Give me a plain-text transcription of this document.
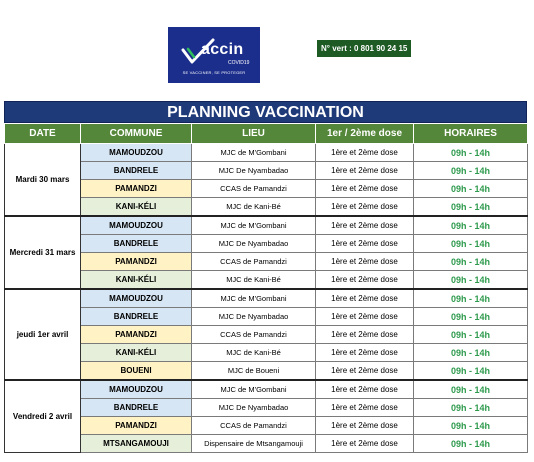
accin
COVID19
SE VACCINER, SE PROTEGER
N° vert : 0 801 90 24 15
PLANNING VACCINATION
DATE	COMMUNE	LIEU	1er / 2ème dose	HORAIRES
Mardi 30 mars	MAMOUDZOU	MJC de M'Gombani	1ère et 2ème dose	09h - 14h
	BANDRELE	MJC De Nyambadao	1ère et 2ème dose	09h - 14h
	PAMANDZI	CCAS de Pamandzi	1ère et 2ème dose	09h - 14h
	KANI-KÉLI	MJC de Kani-Bé	1ère et 2ème dose	09h - 14h
Mercredi 31 mars	MAMOUDZOU	MJC de M'Gombani	1ère et 2ème dose	09h - 14h
	BANDRELE	MJC De Nyambadao	1ère et 2ème dose	09h - 14h
	PAMANDZI	CCAS de Pamandzi	1ère et 2ème dose	09h - 14h
	KANI-KÉLI	MJC de Kani-Bé	1ère et 2ème dose	09h - 14h
jeudi 1er avril	MAMOUDZOU	MJC de M'Gombani	1ère et 2ème dose	09h - 14h
	BANDRELE	MJC De Nyambadao	1ère et 2ème dose	09h - 14h
	PAMANDZI	CCAS de Pamandzi	1ère et 2ème dose	09h - 14h
	KANI-KÉLI	MJC de Kani-Bé	1ère et 2ème dose	09h - 14h
	BOUENI	MJC de Boueni	1ère et 2ème dose	09h - 14h
Vendredi 2 avril	MAMOUDZOU	MJC de M'Gombani	1ère et 2ème dose	09h - 14h
	BANDRELE	MJC De Nyambadao	1ère et 2ème dose	09h - 14h
	PAMANDZI	CCAS de Pamandzi	1ère et 2ème dose	09h - 14h
	MTSANGAMOUJI	Dispensaire de Mtsangamouji	1ère et 2ème dose	09h - 14h
